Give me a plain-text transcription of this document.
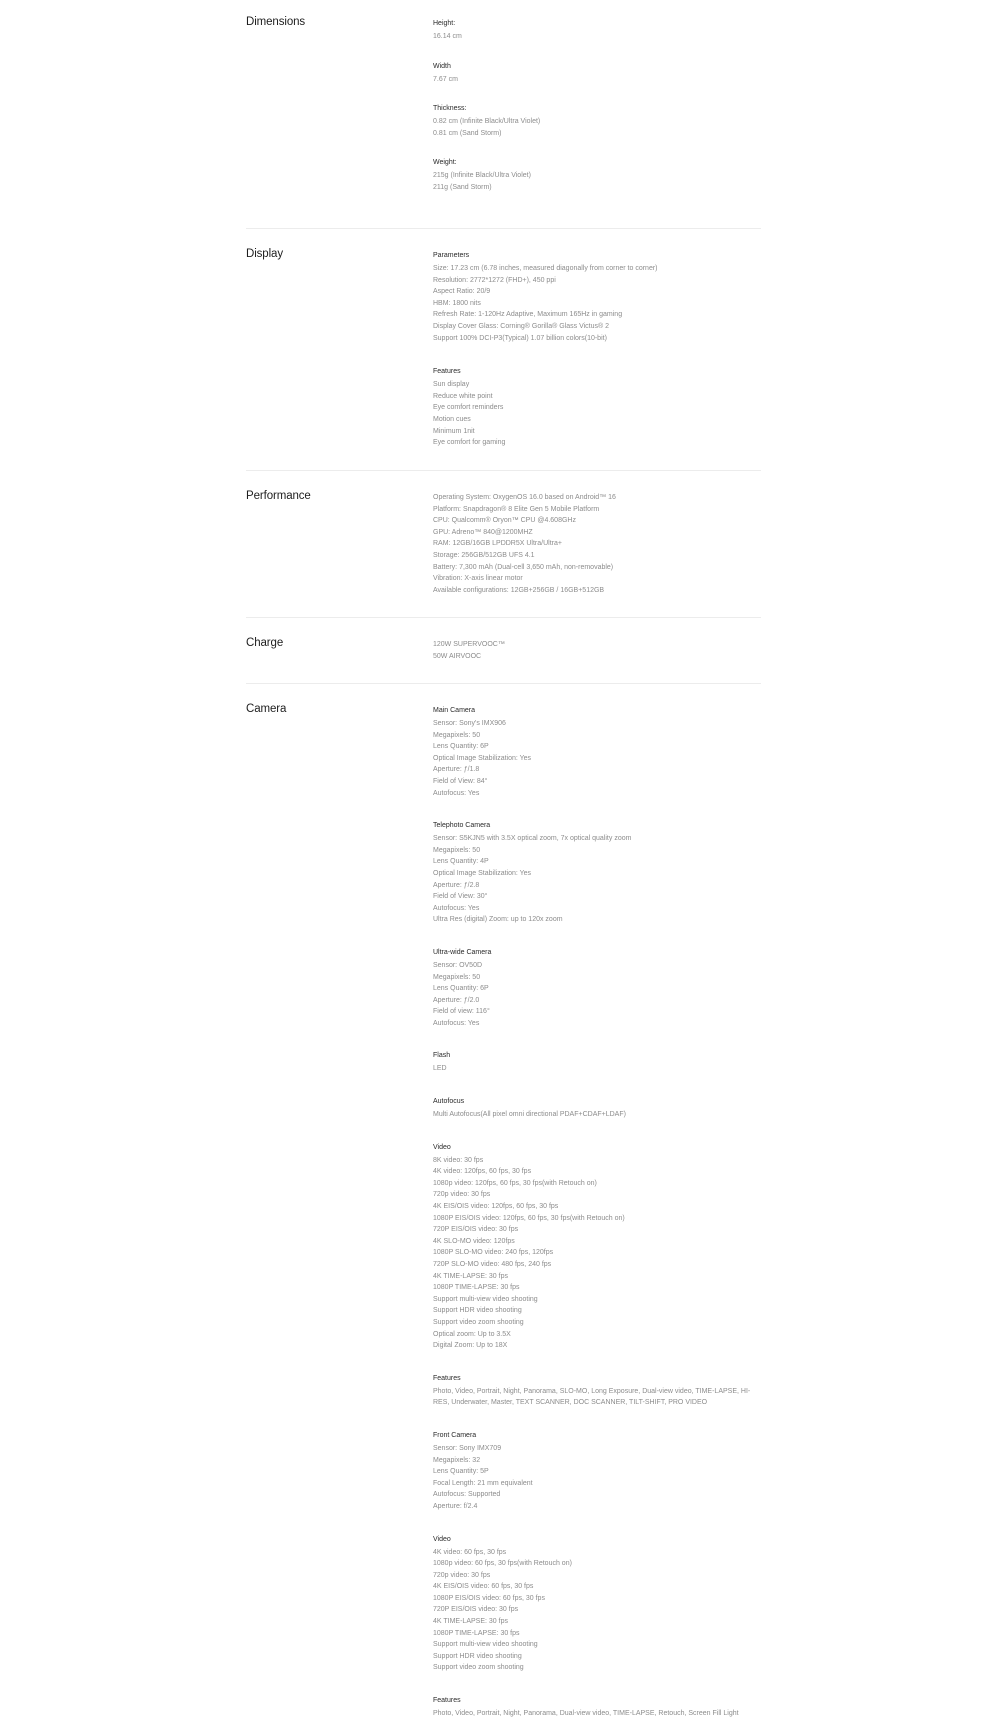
Dimensions	Height:
16.14 cm
Width
7.67 cm
Thickness:
0.82 cm (Infinite Black/Ultra Violet)
0.81 cm (Sand Storm)
Weight:
215g (Infinite Black/Ultra Violet)
211g (Sand Storm)
Display	Parameters
Size: 17.23 cm (6.78 inches, measured diagonally from corner to corner)
Resolution: 2772*1272 (FHD+), 450 ppi
Aspect Ratio: 20/9
HBM: 1800 nits
Refresh Rate: 1-120Hz Adaptive, Maximum 165Hz in gaming
Display Cover Glass: Corning® Gorilla® Glass Victus® 2
Support 100% DCI-P3(Typical) 1.07 billion colors(10-bit)
Features
Sun display
Reduce white point
Eye comfort reminders
Motion cues
Minimum 1nit
Eye comfort for gaming
Performance	Operating System: OxygenOS 16.0 based on Android™ 16
Platform: Snapdragon® 8 Elite Gen 5 Mobile Platform
CPU: Qualcomm® Oryon™ CPU @4.608GHz
GPU: Adreno™ 840@1200MHZ
RAM: 12GB/16GB LPDDR5X Ultra/Ultra+
Storage: 256GB/512GB UFS 4.1
Battery: 7,300 mAh (Dual-cell 3,650 mAh, non-removable)
Vibration: X-axis linear motor
Available configurations: 12GB+256GB / 16GB+512GB
Charge	120W SUPERVOOC™
50W AIRVOOC
Camera	Main Camera
Sensor: Sony's IMX906
Megapixels: 50
Lens Quantity: 6P
Optical Image Stabilization: Yes
Aperture: ƒ/1.8
Field of View: 84°
Autofocus: Yes
Telephoto Camera
Sensor: S5KJN5 with 3.5X optical zoom, 7x optical quality zoom
Megapixels: 50
Lens Quantity: 4P
Optical Image Stabilization: Yes
Aperture: ƒ/2.8
Field of View: 30°
Autofocus: Yes
Ultra Res (digital) Zoom: up to 120x zoom
Ultra-wide Camera
Sensor: OV50D
Megapixels: 50
Lens Quantity: 6P
Aperture: ƒ/2.0
Field of view: 116°
Autofocus: Yes
Flash
LED
Autofocus
Multi Autofocus(All pixel omni directional PDAF+CDAF+LDAF)
Video
8K video: 30 fps
4K video: 120fps, 60 fps, 30 fps
1080p video: 120fps, 60 fps, 30 fps(with Retouch on)
720p video: 30 fps
4K EIS/OIS video: 120fps, 60 fps, 30 fps
1080P EIS/OIS video: 120fps, 60 fps, 30 fps(with Retouch on)
720P EIS/OIS video: 30 fps
4K SLO-MO video: 120fps
1080P SLO-MO video: 240 fps, 120fps
720P SLO-MO video: 480 fps, 240 fps
4K TIME-LAPSE: 30 fps
1080P TIME-LAPSE: 30 fps
Support multi-view video shooting
Support HDR video shooting
Support video zoom shooting
Optical zoom: Up to 3.5X
Digital Zoom: Up to 18X
Features
Photo, Video, Portrait, Night, Panorama, SLO-MO, Long Exposure, Dual-view video, TIME-LAPSE, HI-RES, Underwater, Master, TEXT SCANNER, DOC SCANNER, TILT-SHIFT, PRO VIDEO
Front Camera
Sensor: Sony IMX709
Megapixels: 32
Lens Quantity: 5P
Focal Length: 21 mm equivalent
Autofocus: Supported
Aperture: f/2.4
Video
4K video: 60 fps, 30 fps
1080p video: 60 fps, 30 fps(with Retouch on)
720p video: 30 fps
4K EIS/OIS video: 60 fps, 30 fps
1080P EIS/OIS video: 60 fps, 30 fps
720P EIS/OIS video: 30 fps
4K TIME-LAPSE: 30 fps
1080P TIME-LAPSE: 30 fps
Support multi-view video shooting
Support HDR video shooting
Support video zoom shooting
Features
Photo, Video, Portrait, Night, Panorama, Dual-view video, TIME-LAPSE, Retouch, Screen Fill Light
